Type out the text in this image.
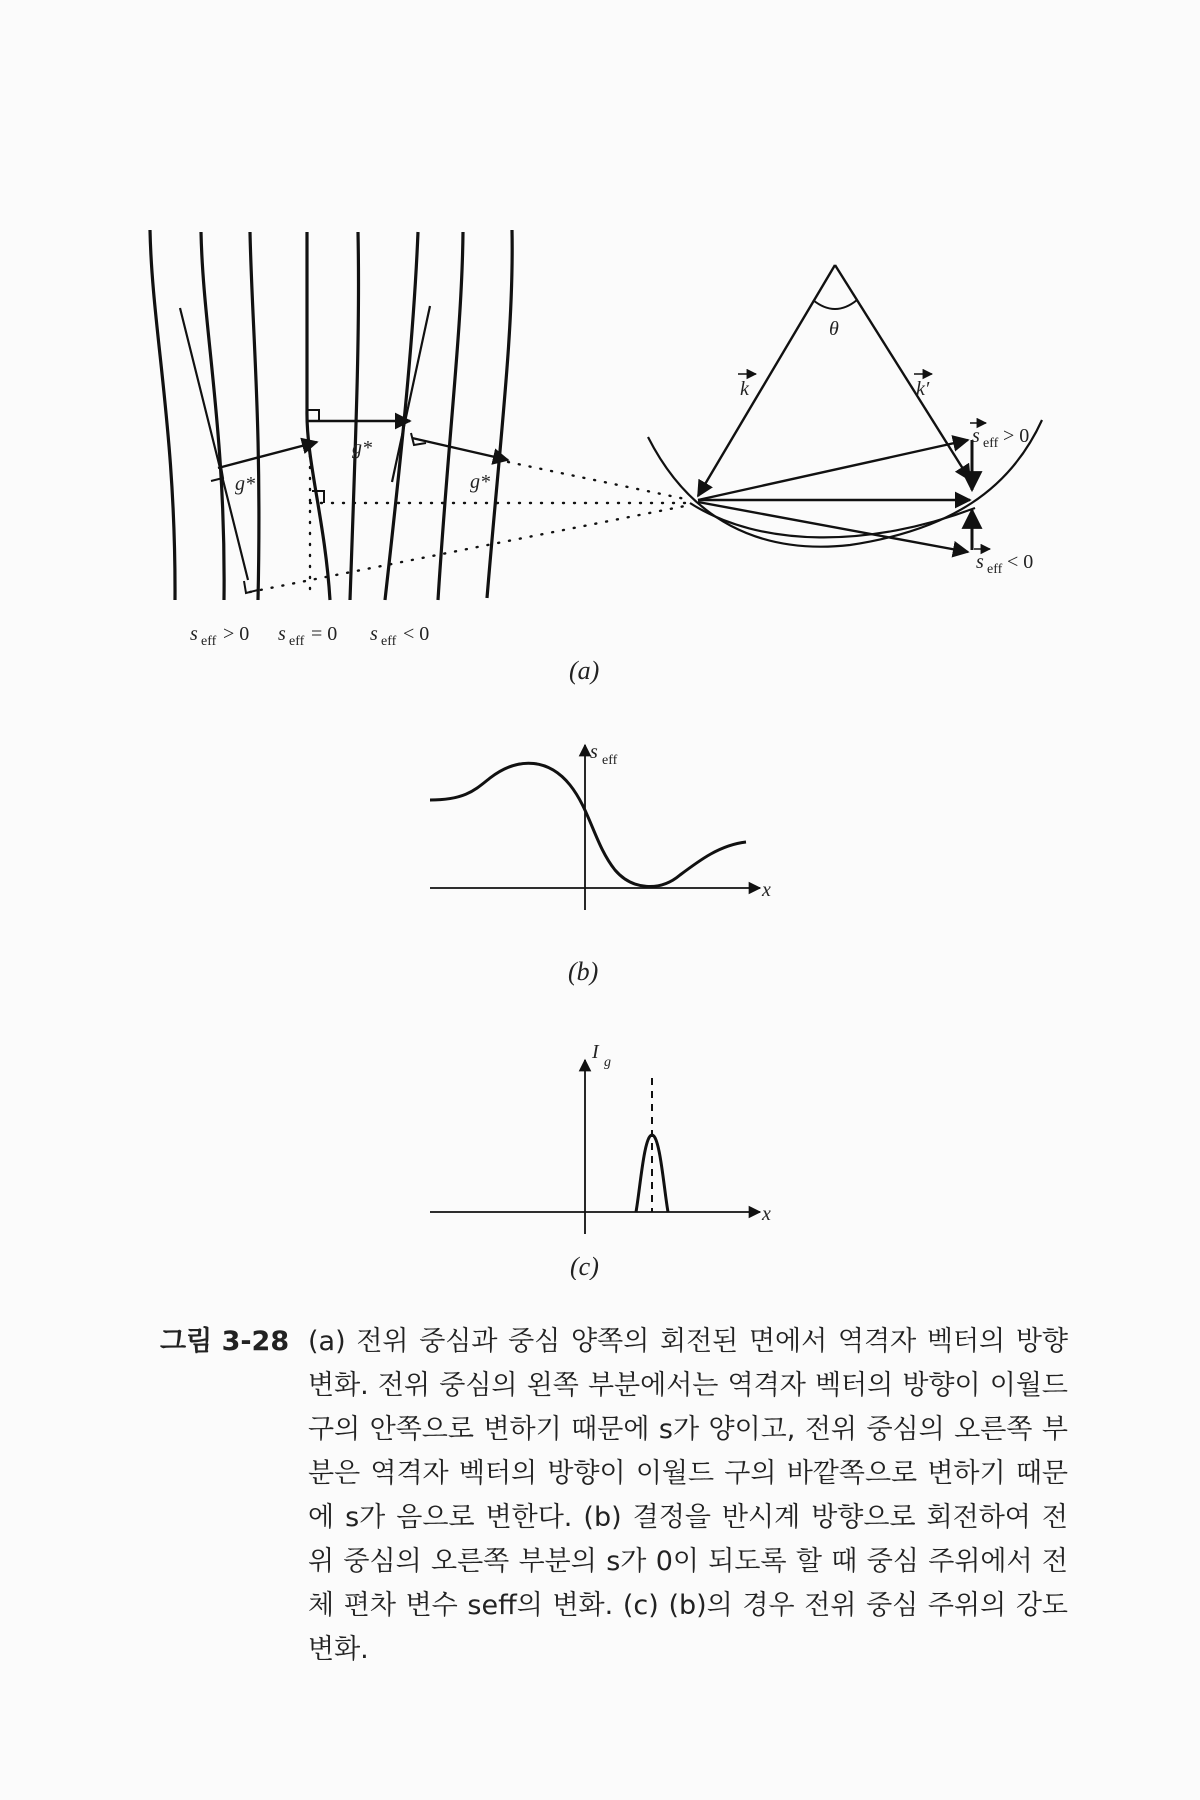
g*
g*
g*
s eff > 0 s eff = 0 s eff < 0
θ
k	k′
s eff > 0
s eff < 0
(a)
s eff
x
(b)
I g
x
(c)
그림 3-28 (a) 전위 중심과 중심 양쪽의 회전된 면에서 역격자 벡터의 방향 변화. 전위 중심의 왼쪽 부분에서는 역격자 벡터의 방향이 이월드 구의 안쪽으로 변하기 때문에 s가 양이고, 전위 중심의 오른쪽 부분은 역격자 벡터의 방향이 이월드 구의 바깥쪽으로 변하기 때문에 s가 음으로 변한다. (b) 결정을 반시계 방향으로 회전하여 전위 중심의 오른쪽 부분의 s가 0이 되도록 할 때 중심 주위에서 전체 편차 변수 seff의 변화. (c) (b)의 경우 전위 중심 주위의 강도 변화.
